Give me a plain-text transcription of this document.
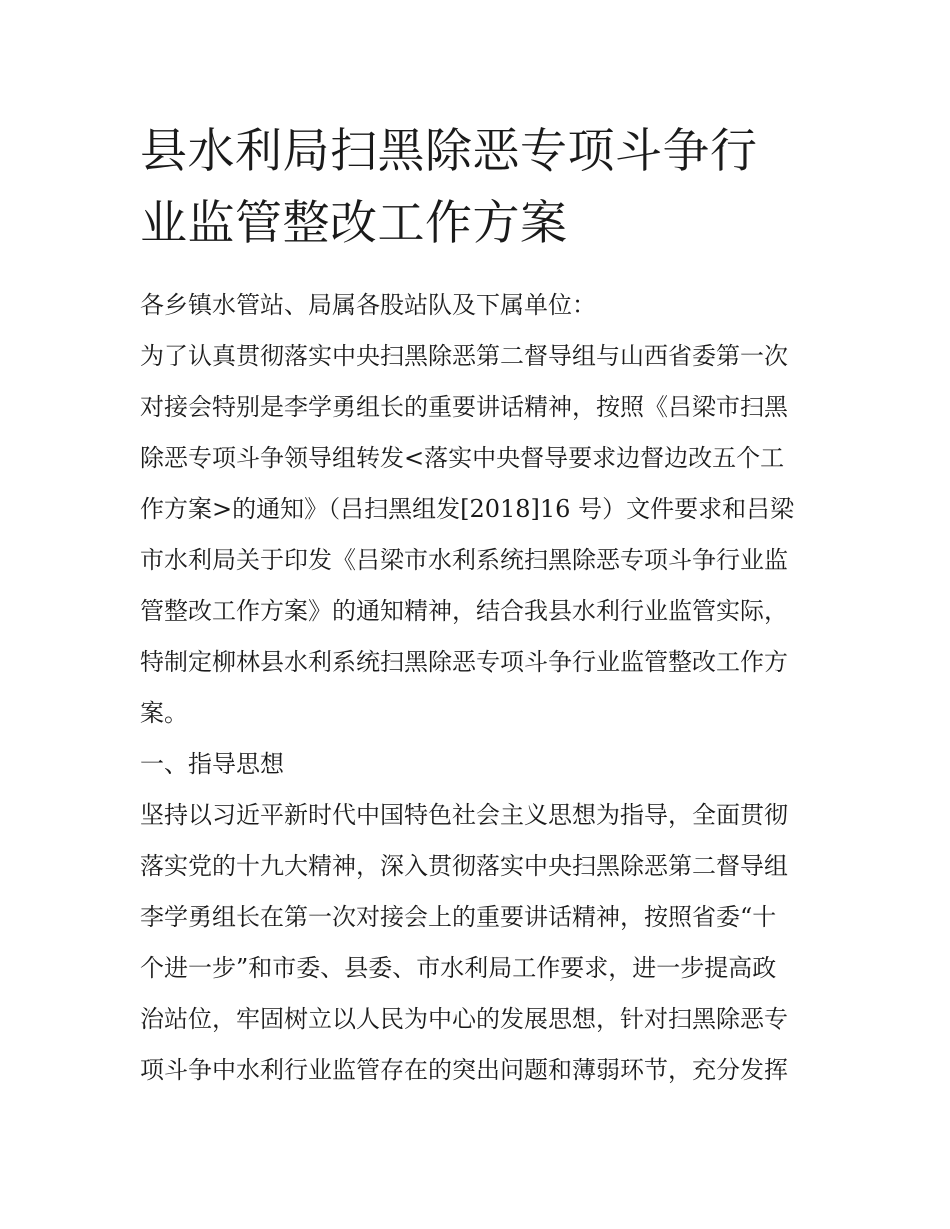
县水利局扫黑除恶专项斗争行
业监管整改工作方案
各乡镇水管站、局属各股站队及下属单位：
为了认真贯彻落实中央扫黑除恶第二督导组与山西省委第一次
对接会特别是李学勇组长的重要讲话精神，按照《吕梁市扫黑
除恶专项斗争领导组转发<落实中央督导要求边督边改五个工
作方案>的通知》（吕扫黑组发[2018]16 号）文件要求和吕梁
市水利局关于印发《吕梁市水利系统扫黑除恶专项斗争行业监
管整改工作方案》的通知精神，结合我县水利行业监管实际，
特制定柳林县水利系统扫黑除恶专项斗争行业监管整改工作方
案。
一、指导思想
坚持以习近平新时代中国特色社会主义思想为指导，全面贯彻
落实党的十九大精神，深入贯彻落实中央扫黑除恶第二督导组
李学勇组长在第一次对接会上的重要讲话精神，按照省委“十
个进一步”和市委、县委、市水利局工作要求，进一步提高政
治站位，牢固树立以人民为中心的发展思想，针对扫黑除恶专
项斗争中水利行业监管存在的突出问题和薄弱环节，充分发挥
